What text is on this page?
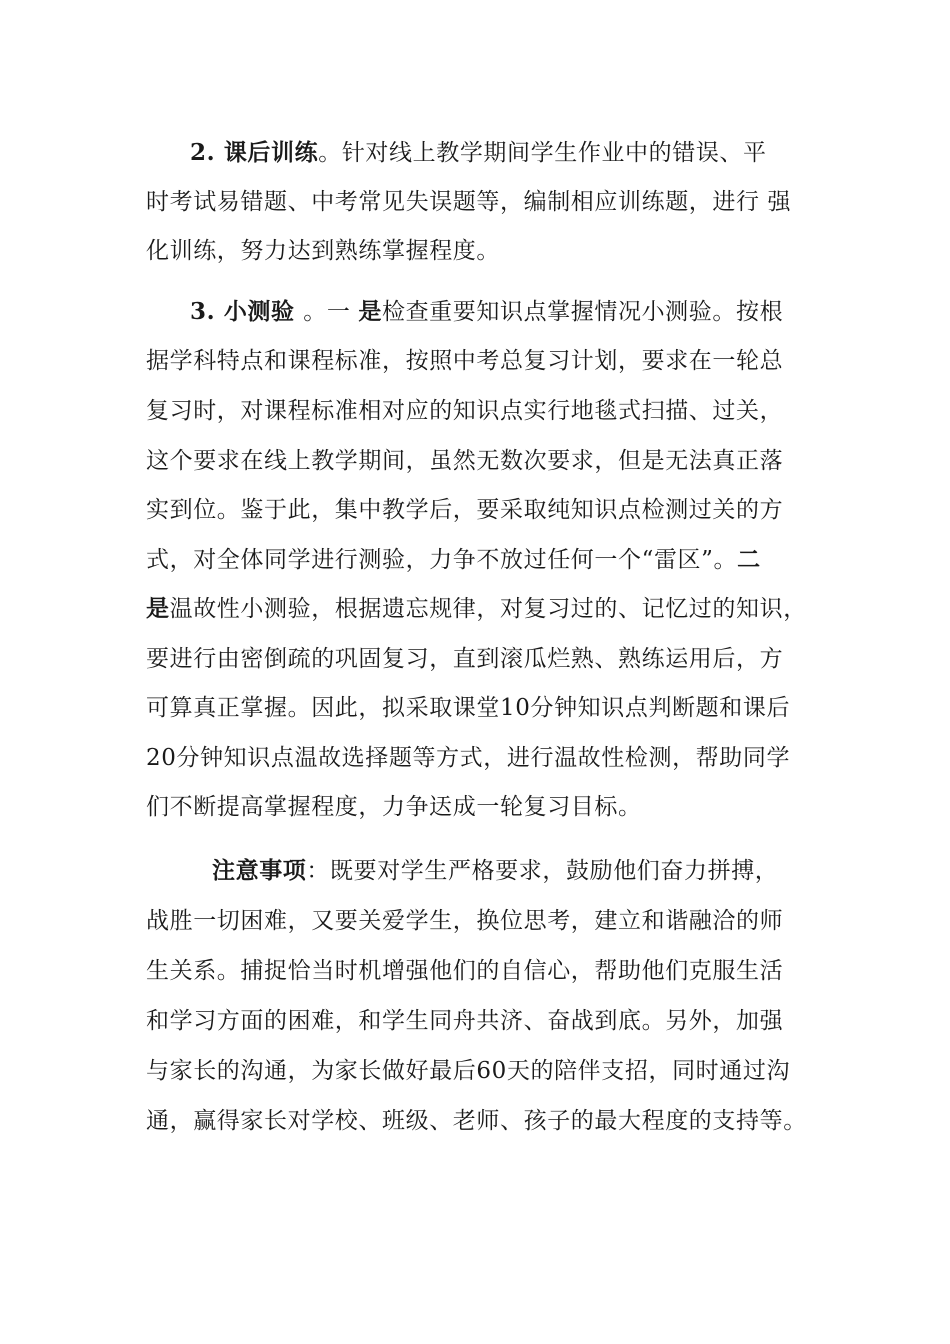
2. 课后训练。针对线上教学期间学生作业中的错误、平
时考试易错题、中考常见失误题等，编制相应训练题，进行 强
化训练，努力达到熟练掌握程度。
3. 小测验 。一 是检查重要知识点掌握情况小测验。按根
据学科特点和课程标准，按照中考总复习计划，要求在一轮总
复习时，对课程标准相对应的知识点实行地毯式扫描、过关，
这个要求在线上教学期间，虽然无数次要求，但是无法真正落
实到位。鉴于此，集中教学后，要采取纯知识点检测过关的方
式，对全体同学进行测验，力争不放过任何一个“雷区”。二
是温故性小测验，根据遗忘规律，对复习过的、记忆过的知识，
要进行由密倒疏的巩固复习，直到滚瓜烂熟、熟练运用后，方
可算真正掌握。因此，拟采取课堂10分钟知识点判断题和课后
20分钟知识点温故选择题等方式，进行温故性检测，帮助同学
们不断提高掌握程度，力争迗成一轮复习目标。
注意事项：既要对学生严格要求，鼓励他们奋力拼搏，
战胜一切困难，又要关爱学生，换位思考，建立和谐融洽的师
生关系。捕捉恰当时机增强他们的自信心，帮助他们克服生活
和学习方面的困难，和学生同舟共济、奋战到底。另外，加强
与家长的沟通，为家长做好最后60天的陪伴支招，同时通过沟
通，赢得家长对学校、班级、老师、孩子的最大程度的支持等。
